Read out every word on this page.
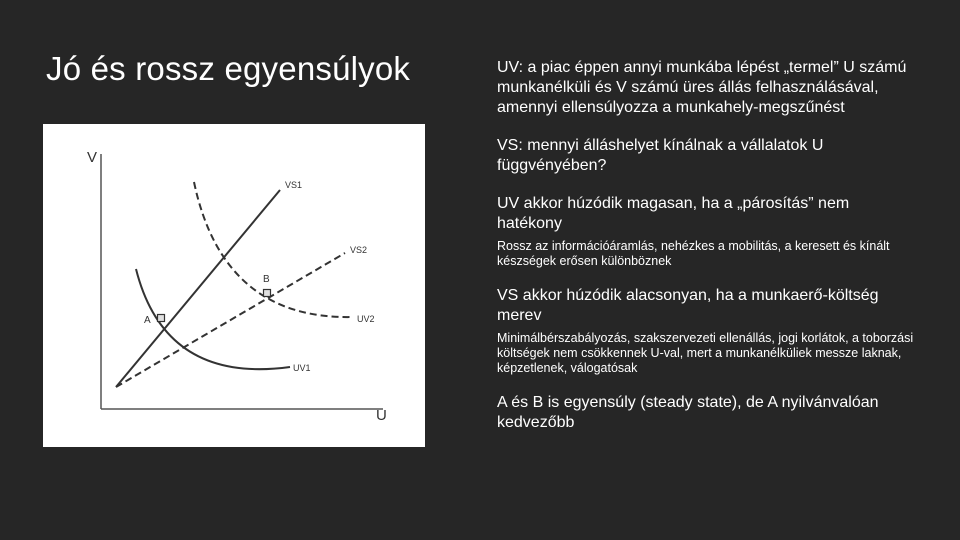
Jó és rossz egyensúlyok
V
U
UV1
UV2
VS1
VS2
A
B

UV: a piac éppen annyi munkába lépést „termel” U számú munkanélküli és V számú üres állás felhasználásával, amennyi ellensúlyozza a munkahely-megszűnést

VS: mennyi álláshelyet kínálnak a vállalatok U függvényében?

UV akkor húzódik magasan, ha a „párosítás” nem hatékony

Rossz az információáramlás, nehézkes a mobilitás, a keresett és kínált készségek erősen különböznek

VS akkor húzódik alacsonyan, ha a munkaerő-költség merev

Minimálbérszabályozás, szakszervezeti ellenállás, jogi korlátok, a toborzási költségek nem csökkennek U-val, mert a munkanélküliek messze laknak, képzetlenek, válogatósak

A és B is egyensúly (steady state), de A nyilvánvalóan kedvezőbb
